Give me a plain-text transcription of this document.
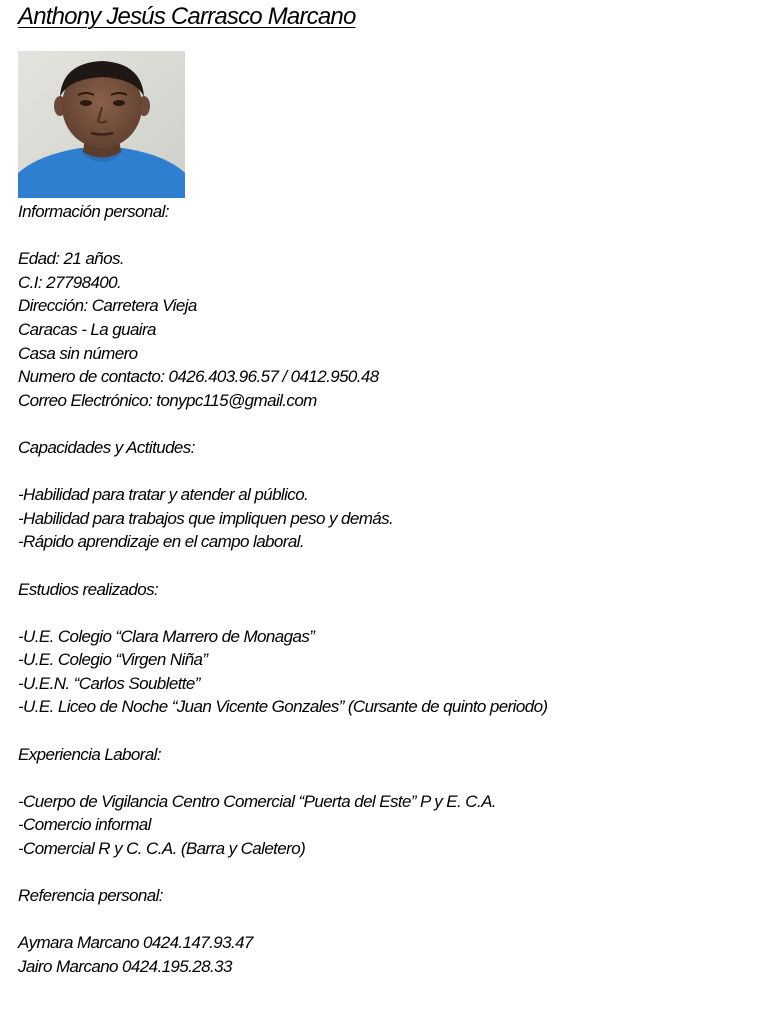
Anthony Jesús Carrasco Marcano
Información personal:
Edad: 21 años.
C.I: 27798400.
Dirección: Carretera Vieja
Caracas - La guaira
Casa sin número
Numero de contacto: 0426.403.96.57 / 0412.950.48
Correo Electrónico: tonypc115@gmail.com
Capacidades y Actitudes:
-Habilidad para tratar y atender al público.
-Habilidad para trabajos que impliquen peso y demás.
-Rápido aprendizaje en el campo laboral.
Estudios realizados:
-U.E. Colegio “Clara Marrero de Monagas”
-U.E. Colegio “Virgen Niña”
-U.E.N. “Carlos Soublette”
-U.E. Liceo de Noche “Juan Vicente Gonzales” (Cursante de quinto periodo)
Experiencia Laboral:
-Cuerpo de Vigilancia Centro Comercial “Puerta del Este” P y E. C.A.
-Comercio informal
-Comercial R y C. C.A. (Barra y Caletero)
Referencia personal:
Aymara Marcano 0424.147.93.47
Jairo Marcano 0424.195.28.33
